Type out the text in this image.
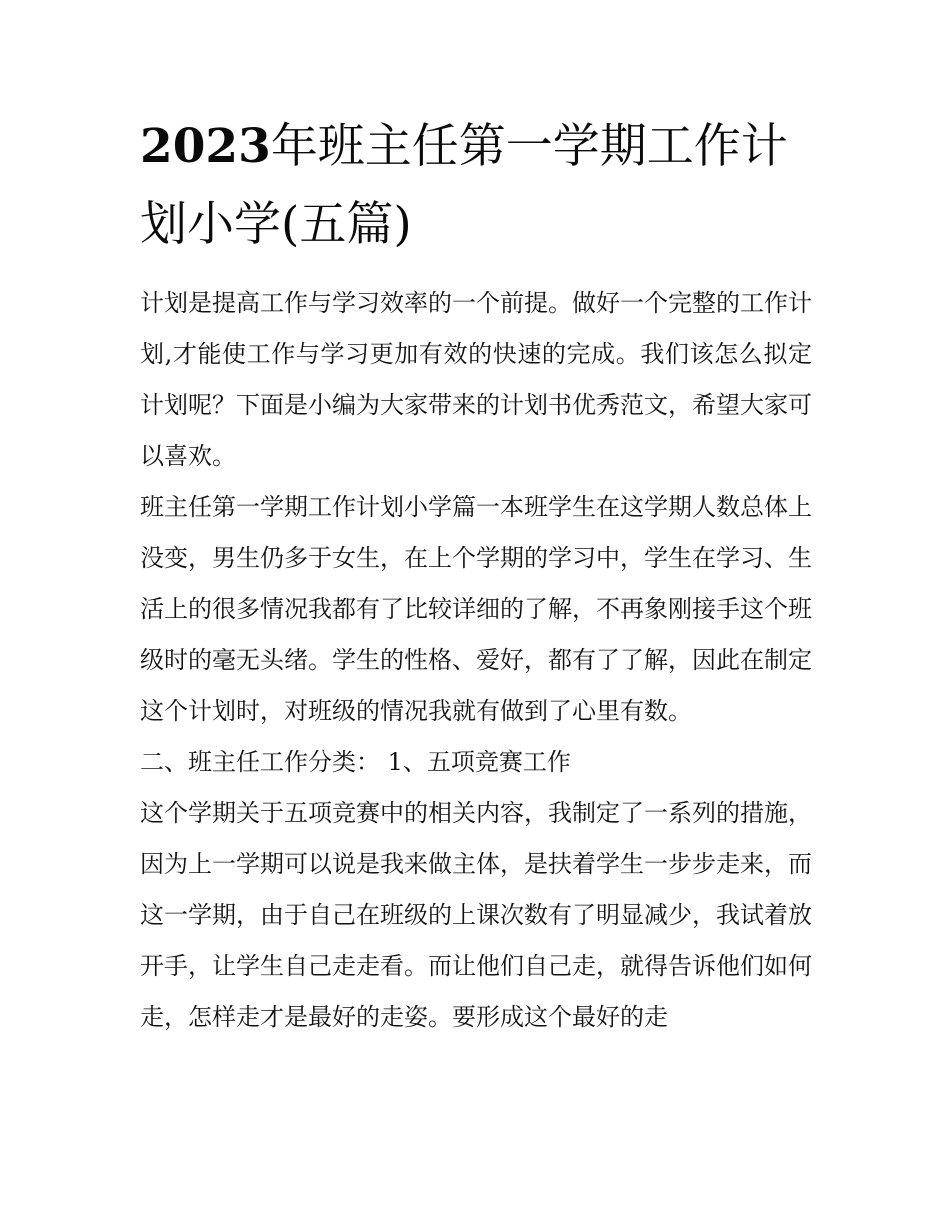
2023年班主任第一学期工作计划小学(五篇)

计划是提高工作与学习效率的一个前提。做好一个完整的工作计划,才能使工作与学习更加有效的快速的完成。我们该怎么拟定计划呢？下面是小编为大家带来的计划书优秀范文，希望大家可以喜欢。

班主任第一学期工作计划小学篇一本班学生在这学期人数总体上没变，男生仍多于女生，在上个学期的学习中，学生在学习、生活上的很多情况我都有了比较详细的了解，不再象刚接手这个班级时的毫无头绪。学生的性格、爱好，都有了了解，因此在制定这个计划时，对班级的情况我就有做到了心里有数。

二、班主任工作分类： 1、五项竞赛工作

这个学期关于五项竞赛中的相关内容，我制定了一系列的措施，因为上一学期可以说是我来做主体，是扶着学生一步步走来，而这一学期，由于自己在班级的上课次数有了明显减少，我试着放开手，让学生自己走走看。而让他们自己走，就得告诉他们如何走，怎样走才是最好的走姿。要形成这个最好的走
